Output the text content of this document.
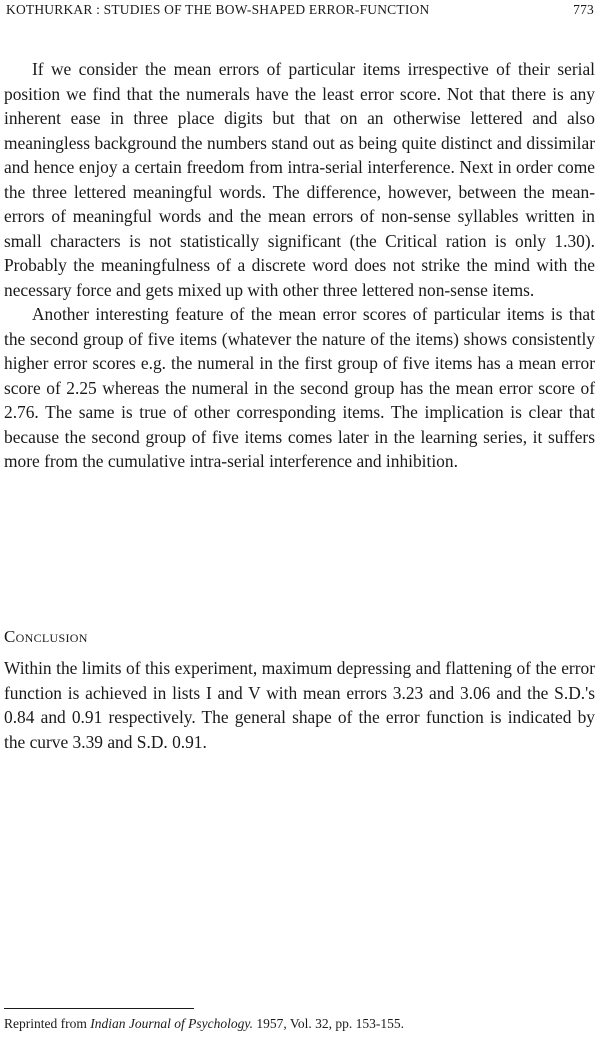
KOTHURKAR : STUDIES OF THE BOW-SHAPED ERROR-FUNCTION	773

If we consider the mean errors of particular items irrespective of their serial position we find that the numerals have the least error score. Not that there is any inherent ease in three place digits but that on an otherwise lettered and also meaningless background the numbers stand out as being quite distinct and dissimilar and hence enjoy a certain freedom from intra-serial interference. Next in order come the three lettered meaningful words. The difference, however, between the mean-errors of meaningful words and the mean errors of non-sense syllables written in small characters is not statistically significant (the Critical ration is only 1.30). Probably the meaningfulness of a discrete word does not strike the mind with the necessary force and gets mixed up with other three lettered non-sense items.

Another interesting feature of the mean error scores of particular items is that the second group of five items (whatever the nature of the items) shows consistently higher error scores e.g. the numeral in the first group of five items has a mean error score of 2.25 whereas the numeral in the second group has the mean error score of 2.76. The same is true of other corresponding items. The implication is clear that because the second group of five items comes later in the learning series, it suffers more from the cumulative intra-serial interference and inhibition.

Conclusion

Within the limits of this experiment, maximum depressing and flattening of the error function is achieved in lists I and V with mean errors 3.23 and 3.06 and the S.D.'s 0.84 and 0.91 respectively. The general shape of the error function is indicated by the curve 3.39 and S.D. 0.91.

Reprinted from Indian Journal of Psychology. 1957, Vol. 32, pp. 153-155.
